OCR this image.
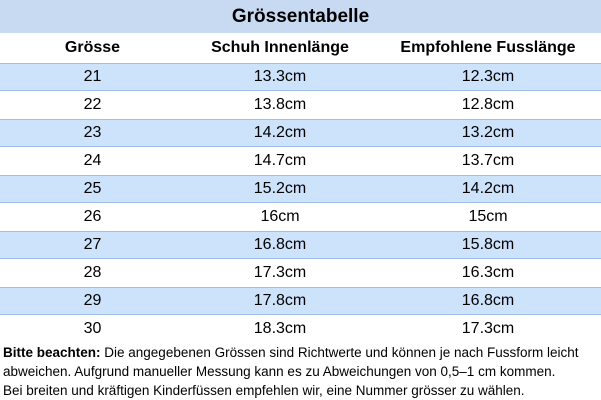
Grössentabelle
Grösse	Schuh Innenlänge	Empfohlene Fusslänge
21	13.3cm	12.3cm
22	13.8cm	12.8cm
23	14.2cm	13.2cm
24	14.7cm	13.7cm
25	15.2cm	14.2cm
26	16cm	15cm
27	16.8cm	15.8cm
28	17.3cm	16.3cm
29	17.8cm	16.8cm
30	18.3cm	17.3cm
Bitte beachten: Die angegebenen Grössen sind Richtwerte und können je nach Fussform leicht
abweichen. Aufgrund manueller Messung kann es zu Abweichungen von 0,5–1 cm kommen.
Bei breiten und kräftigen Kinderfüssen empfehlen wir, eine Nummer grösser zu wählen.
